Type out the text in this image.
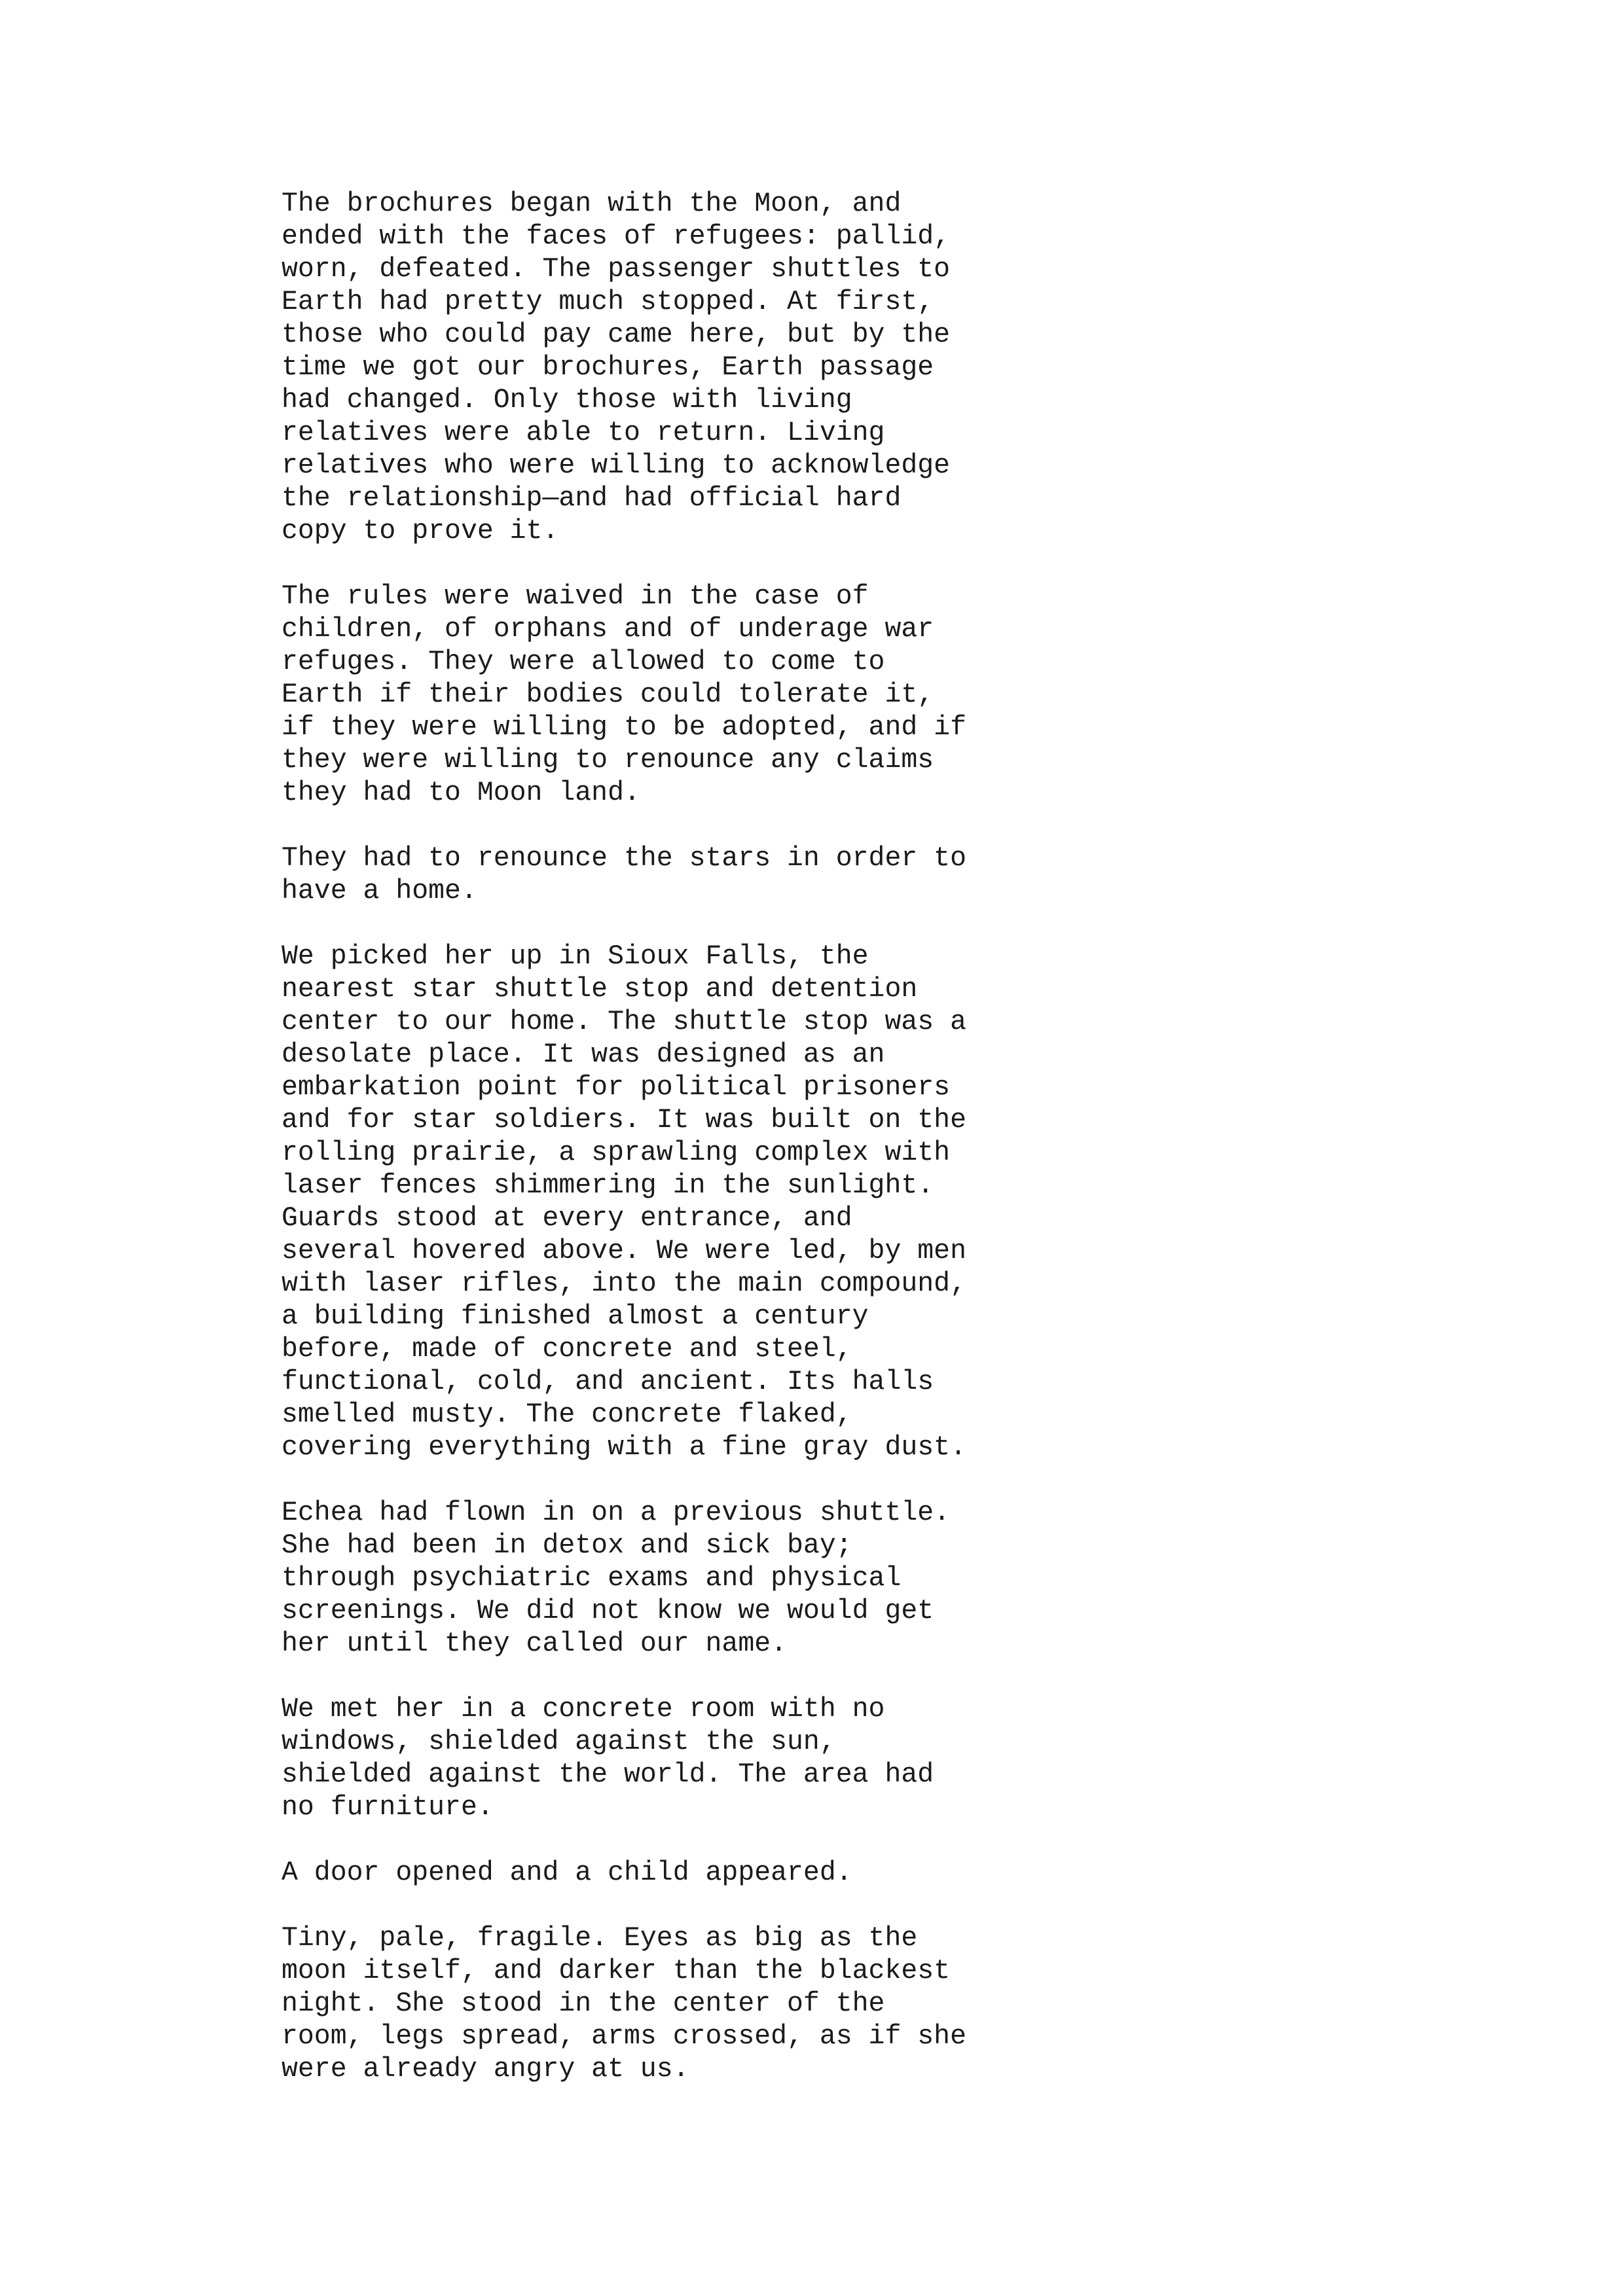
The brochures began with the Moon, and
ended with the faces of refugees: pallid,
worn, defeated. The passenger shuttles to
Earth had pretty much stopped. At first,
those who could pay came here, but by the
time we got our brochures, Earth passage
had changed. Only those with living
relatives were able to return. Living
relatives who were willing to acknowledge
the relationship—and had official hard
copy to prove it.

The rules were waived in the case of
children, of orphans and of underage war
refuges. They were allowed to come to
Earth if their bodies could tolerate it,
if they were willing to be adopted, and if
they were willing to renounce any claims
they had to Moon land.

They had to renounce the stars in order to
have a home.

We picked her up in Sioux Falls, the
nearest star shuttle stop and detention
center to our home. The shuttle stop was a
desolate place. It was designed as an
embarkation point for political prisoners
and for star soldiers. It was built on the
rolling prairie, a sprawling complex with
laser fences shimmering in the sunlight.
Guards stood at every entrance, and
several hovered above. We were led, by men
with laser rifles, into the main compound,
a building finished almost a century
before, made of concrete and steel,
functional, cold, and ancient. Its halls
smelled musty. The concrete flaked,
covering everything with a fine gray dust.

Echea had flown in on a previous shuttle.
She had been in detox and sick bay;
through psychiatric exams and physical
screenings. We did not know we would get
her until they called our name.

We met her in a concrete room with no
windows, shielded against the sun,
shielded against the world. The area had
no furniture.

A door opened and a child appeared.

Tiny, pale, fragile. Eyes as big as the
moon itself, and darker than the blackest
night. She stood in the center of the
room, legs spread, arms crossed, as if she
were already angry at us.
